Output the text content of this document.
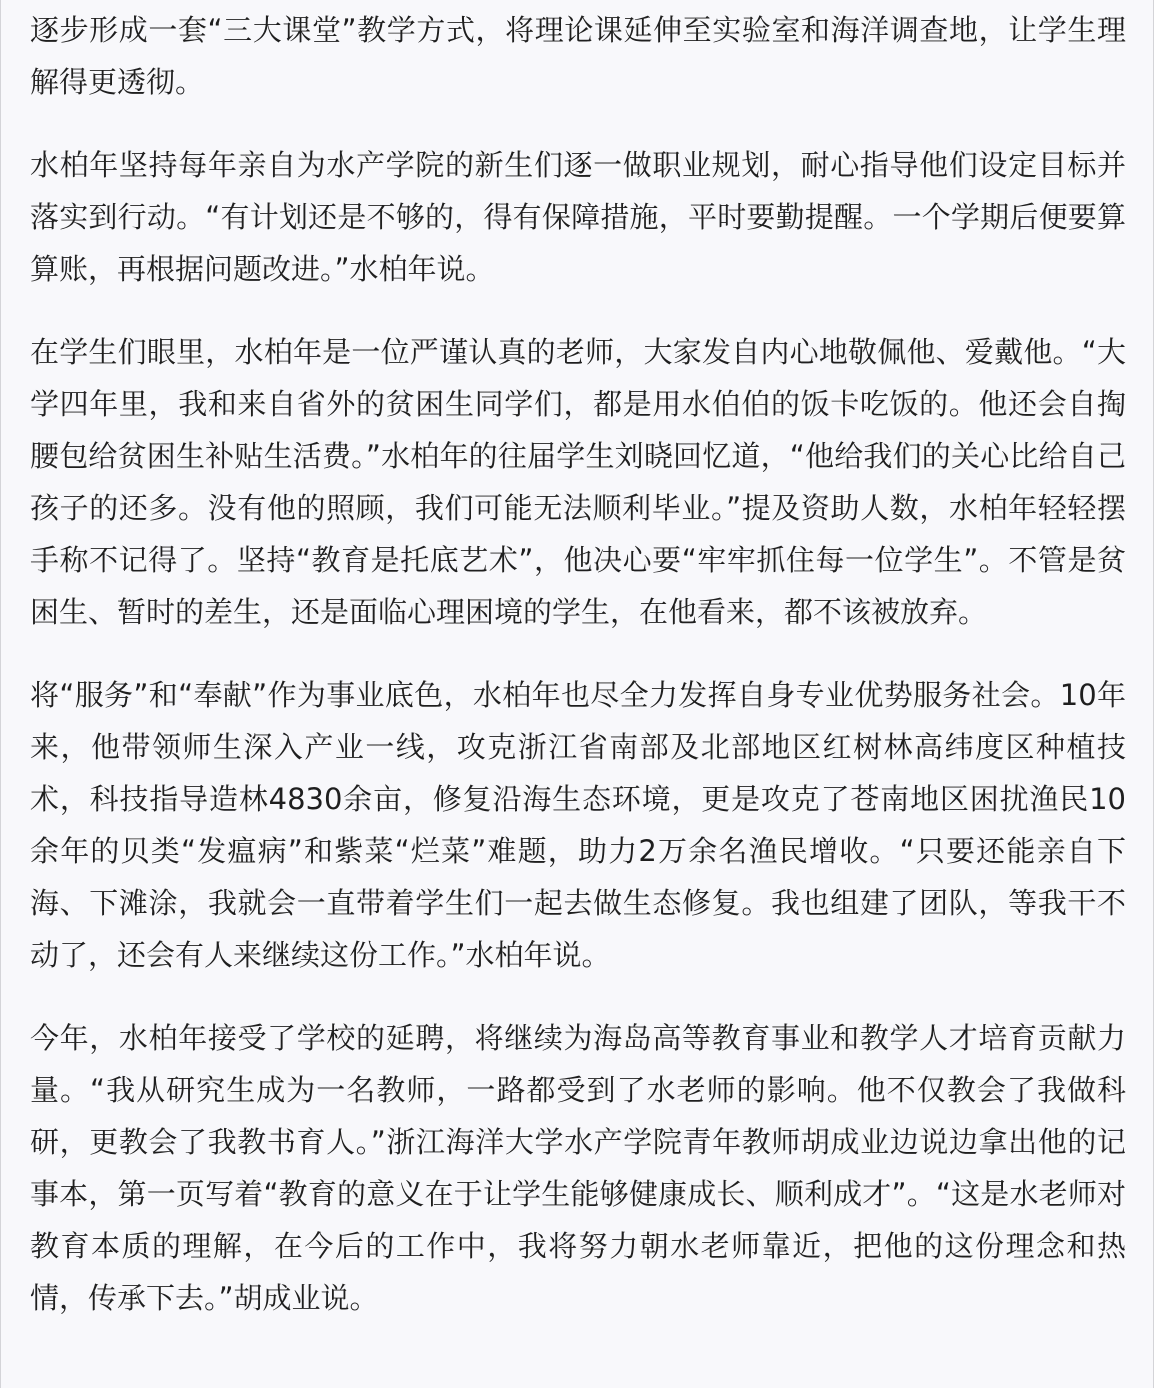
逐步形成一套“三大课堂”教学方式，将理论课延伸至实验室和海洋调查地，让学生理解得更透彻。

水柏年坚持每年亲自为水产学院的新生们逐一做职业规划，耐心指导他们设定目标并落实到行动。“有计划还是不够的，得有保障措施，平时要勤提醒。一个学期后便要算算账，再根据问题改进。”水柏年说。

在学生们眼里，水柏年是一位严谨认真的老师，大家发自内心地敬佩他、爱戴他。“大学四年里，我和来自省外的贫困生同学们，都是用水伯伯的饭卡吃饭的。他还会自掏腰包给贫困生补贴生活费。”水柏年的往届学生刘晓回忆道，“他给我们的关心比给自己孩子的还多。没有他的照顾，我们可能无法顺利毕业。”提及资助人数，水柏年轻轻摆手称不记得了。坚持“教育是托底艺术”，他决心要“牢牢抓住每一位学生”。不管是贫困生、暂时的差生，还是面临心理困境的学生，在他看来，都不该被放弃。

将“服务”和“奉献”作为事业底色，水柏年也尽全力发挥自身专业优势服务社会。10年来，他带领师生深入产业一线，攻克浙江省南部及北部地区红树林高纬度区种植技术，科技指导造林4830余亩，修复沿海生态环境，更是攻克了苍南地区困扰渔民10余年的贝类“发瘟病”和紫菜“烂菜”难题，助力2万余名渔民增收。“只要还能亲自下海、下滩涂，我就会一直带着学生们一起去做生态修复。我也组建了团队，等我干不动了，还会有人来继续这份工作。”水柏年说。

今年，水柏年接受了学校的延聘，将继续为海岛高等教育事业和教学人才培育贡献力量。“我从研究生成为一名教师，一路都受到了水老师的影响。他不仅教会了我做科研，更教会了我教书育人。”浙江海洋大学水产学院青年教师胡成业边说边拿出他的记事本，第一页写着“教育的意义在于让学生能够健康成长、顺利成才”。“这是水老师对教育本质的理解，在今后的工作中，我将努力朝水老师靠近，把他的这份理念和热情，传承下去。”胡成业说。
